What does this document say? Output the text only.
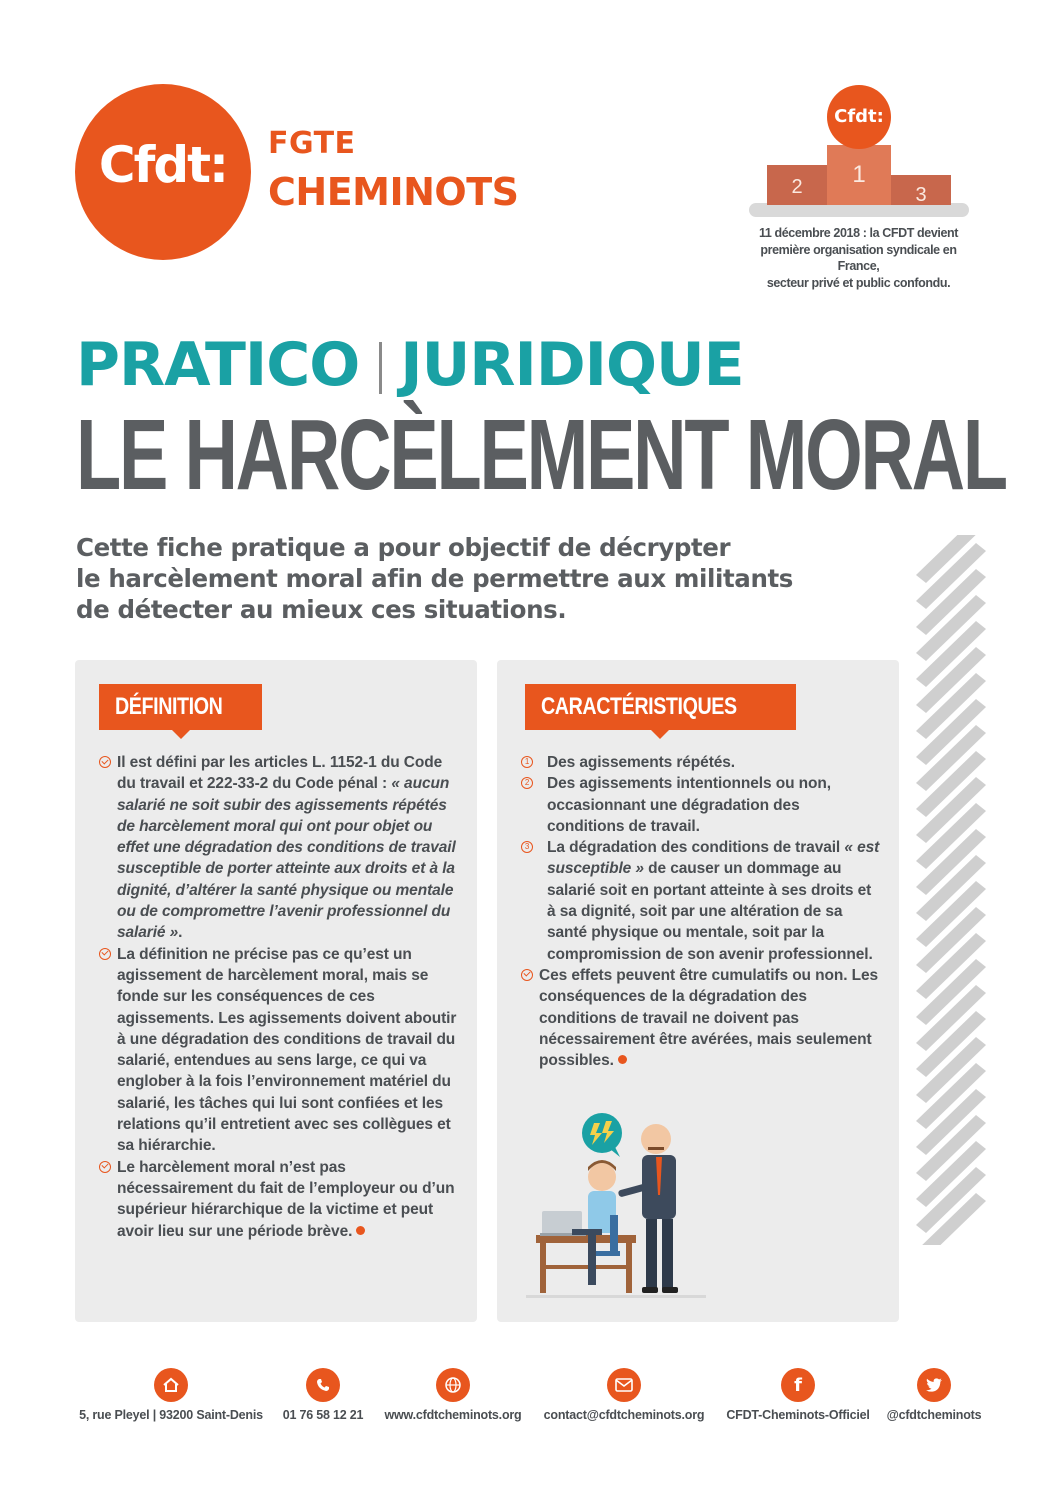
Cfdt:	FGTE
CHEMINOTS	2	3
1
Cfdt:
11 décembre 2018 : la CFDT devient
première organisation syndicale en France,
secteur privé et public confondu.
PRATICO JURIDIQUE
LE HARCÈLEMENT MORAL
Cette fiche pratique a pour objectif de décrypter
le harcèlement moral afin de permettre aux militants
de détecter au mieux ces situations.
DÉFINITION
Il est défini par les articles L. 1152-1 du Code du travail et 222-33-2 du Code pénal : « aucun salarié ne soit subir des agissements répétés de harcèlement moral qui ont pour objet ou effet une dégradation des conditions de travail susceptible de porter atteinte aux droits et à la dignité, d’altérer la santé physique ou mentale ou de compromettre l’avenir professionnel du salarié ».
La définition ne précise pas ce qu’est un agissement de harcèlement moral, mais se fonde sur les conséquences de ces agissements. Les agissements doivent aboutir à une dégradation des conditions de travail du salarié, entendues au sens large, ce qui va englober à la fois l’environnement matériel du salarié, les tâches qui lui sont confiées et les relations qu’il entretient avec ses collègues et sa hiérarchie.
Le harcèlement moral n’est pas nécessairement du fait de l’employeur ou d’un supérieur hiérarchique de la victime et peut avoir lieu sur une période brève.
CARACTÉRISTIQUES
1 Des agissements répétés.
2 Des agissements intentionnels ou non, occasionnant une dégradation des conditions de travail.
3 La dégradation des conditions de travail « est susceptible » de causer un dommage au salarié soit en portant atteinte à ses droits et à sa dignité, soit par une altération de sa santé physique ou mentale, soit par la compromission de son avenir professionnel.
Ces effets peuvent être cumulatifs ou non. Les conséquences de la dégradation des conditions de travail ne doivent pas nécessairement être avérées, mais seulement possibles.
5, rue Pleyel | 93200 Saint-Denis	01 76 58 12 21	www.cfdtcheminots.org	contact@cfdtcheminots.org
f
CFDT-Cheminots-Officiel	@cfdtcheminots
